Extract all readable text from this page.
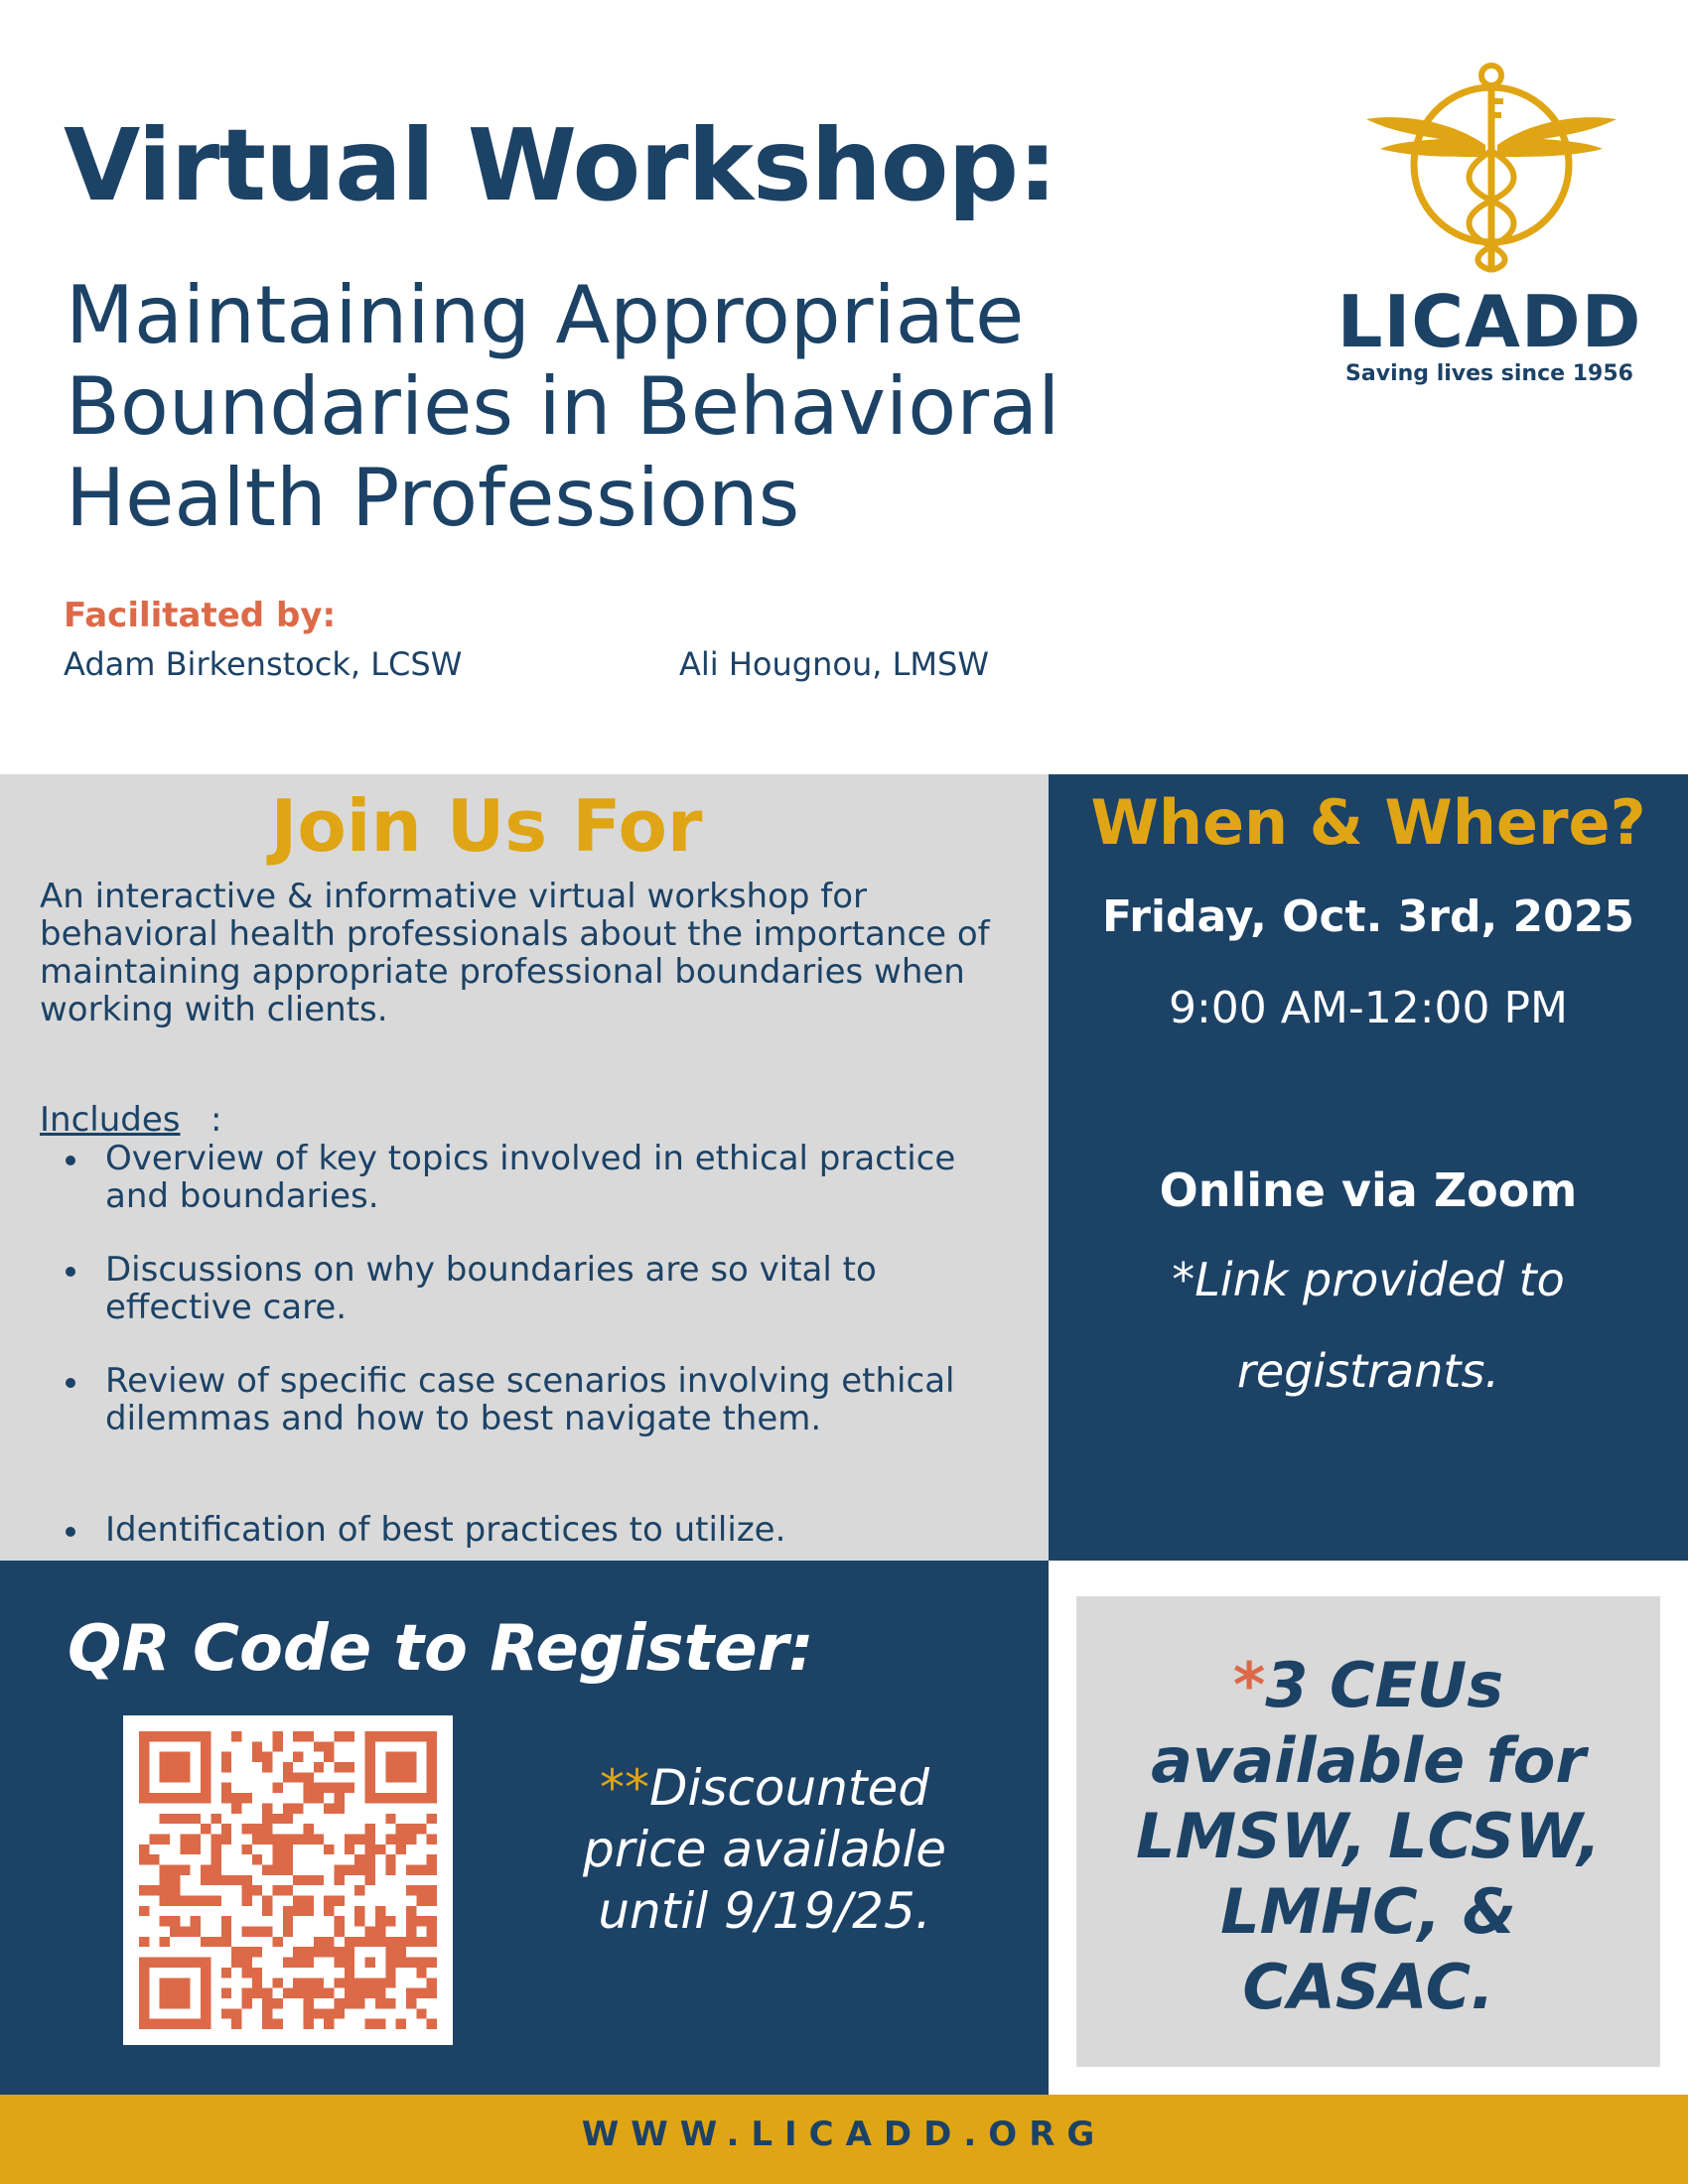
Virtual Workshop:
Maintaining Appropriate Boundaries in Behavioral Health Professions
Facilitated by:
Adam Birkenstock, LCSW	Ali Hougnou, LMSW
LICADD
Saving lives since 1956
Join Us For
An interactive & informative virtual workshop for behavioral health professionals about the importance of maintaining appropriate professional boundaries when working with clients.
Includes :
Overview of key topics involved in ethical practice and boundaries.
Discussions on why boundaries are so vital to effective care.
Review of specific case scenarios involving ethical dilemmas and how to best navigate them.
Identification of best practices to utilize.
When & Where?
Friday, Oct. 3rd, 2025
9:00 AM-12:00 PM
Online via Zoom
*Link provided to
registrants.
QR Code to Register:
**Discounted price available until 9/19/25.
*3 CEUs available for LMSW, LCSW, LMHC, & CASAC.
WWW.LICADD.ORG
